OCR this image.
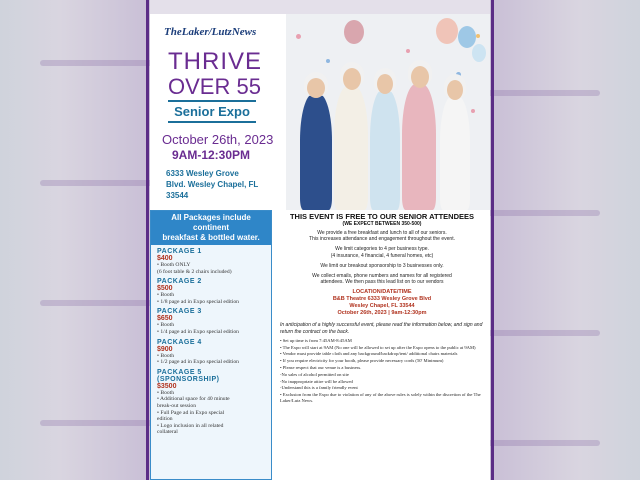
TheLaker/LutzNews
THRIVE
OVER 55
Senior Expo
October 26th, 2023
9AM-12:30PM
6333 Wesley Grove
Blvd. Wesley Chapel, FL
33544
All Packages include continent
breakfast & bottled water.
PACKAGE 1
$400
• Booth ONLY
(6 foot table & 2 chairs included)
PACKAGE 2
$500
• Booth
• 1/8 page ad in Expo special edition
PACKAGE 3
$650
• Booth
• 1/4 page ad in Expo special edition
PACKAGE 4
$900
• Booth
• 1/2 page ad in Expo special edition
PACKAGE 5 (SPONSORSHIP)
$3500
• Booth
• Additional space for 40 minute
break-out session
• Full Page ad in Expo special
edition
• Logo inclusion in all related
collateral
THIS EVENT IS FREE TO OUR SENIOR ATTENDEES
(WE EXPECT BETWEEN 350-500)
We provide a free breakfast and lunch to all of our seniors.
This increases attendance and engagement throughout the event.
We limit categories to 4 per business type.
(4 insurance, 4 financial, 4 funeral homes, etc)
We limit our breakout sponsorship to 3 businesses only.
We collect emails, phone numbers and names for all registered
attendees. We then pass this lead list on to our vendors
LOCATION/DATE/TIME
B&B Theatre 6333 Wesley Grove Blvd
Wesley Chapel, FL 33544
October 26th, 2023 | 9am-12:30pm
In anticipation of a highly successful event, please read the information below, and sign and return the contract on the back.
• Set up time is from 7:45AM-8:45AM
• The Expo will start at 9AM (No one will be allowed to set up after the Expo opens to the public at 9AM)
• Vendor must provide table cloth and any background/backdrop/tent/ additional chairs materials
• If you require electricity for your booth, please provide necessary cords (50' Minimum)
• Please respect that our venue is a business.
-No sales of alcohol permitted on site
-No inappropriate attire will be allowed
-Understand this is a family friendly event
• Exclusion from the Expo due to violation of any of the above rules is solely within the discretion of the The Laker/Lutz News.
